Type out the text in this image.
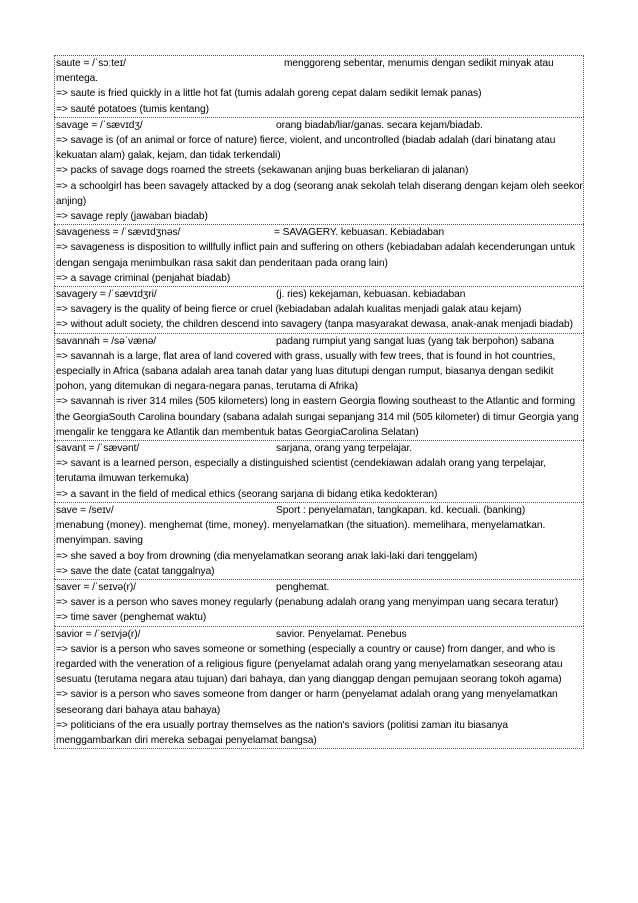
saute = /ˈsɔːteɪ/	menggoreng sebentar, menumis dengan sedikit minyak atau

mentega.

=> saute is fried quickly in a little hot fat (tumis adalah goreng cepat dalam sedikit lemak panas)

=> sauté potatoes (tumis kentang)

savage = /ˈsævɪdʒ/	orang biadab/liar/ganas. secara kejam/biadab.

=> savage is (of an animal or force of nature) fierce, violent, and uncontrolled (biadab adalah (dari binatang atau kekuatan alam) galak, kejam, dan tidak terkendali)

=> packs of savage dogs roamed the streets (sekawanan anjing buas berkeliaran di jalanan)

=> a schoolgirl has been savagely attacked by a dog (seorang anak sekolah telah diserang dengan kejam oleh seekor anjing)

=> savage reply (jawaban biadab)

savageness = /ˈsævɪdʒnəs/	= SAVAGERY. kebuasan. Kebiadaban

=> savageness is disposition to willfully inflict pain and suffering on others (kebiadaban adalah kecenderungan untuk dengan sengaja menimbulkan rasa sakit dan penderitaan pada orang lain)

=> a savage criminal (penjahat biadab)

savagery = /ˈsævɪdʒri/	(j. ries) kekejaman, kebuasan. kebiadaban

=> savagery is the quality of being fierce or cruel (kebiadaban adalah kualitas menjadi galak atau kejam)

=> without adult society, the children descend into savagery (tanpa masyarakat dewasa, anak-anak menjadi biadab)

savannah = /səˈvænə/	padang rumpiut yang sangat luas (yang tak berpohon) sabana

=> savannah is a large, flat area of land covered with grass, usually with few trees, that is found in hot countries, especially in Africa (sabana adalah area tanah datar yang luas ditutupi dengan rumput, biasanya dengan sedikit pohon, yang ditemukan di negara-negara panas, terutama di Afrika)

=> savannah is river 314 miles (505 kilometers) long in eastern Georgia flowing southeast to the Atlantic and forming the GeorgiaSouth Carolina boundary (sabana adalah sungai sepanjang 314 mil (505 kilometer) di timur Georgia yang mengalir ke tenggara ke Atlantik dan membentuk batas GeorgiaCarolina Selatan)

savant = /ˈsævənt/	sarjana, orang yang terpelajar.

=> savant is a learned person, especially a distinguished scientist (cendekiawan adalah orang yang terpelajar, terutama ilmuwan terkemuka)

=> a savant in the field of medical ethics (seorang sarjana di bidang etika kedokteran)

save = /seɪv/	Sport : penyelamatan, tangkapan. kd. kecuali. (banking)

menabung (money). menghemat (time, money). menyelamatkan (the situation). memelihara, menyelamatkan. menyimpan. saving

=> she saved a boy from drowning (dia menyelamatkan seorang anak laki-laki dari tenggelam)

=> save the date (catat tanggalnya)

saver = /ˈseɪvə(r)/	penghemat.

=> saver is a person who saves money regularly (penabung adalah orang yang menyimpan uang secara teratur)

=> time saver (penghemat waktu)

savior = /ˈseɪvjə(r)/	savior. Penyelamat. Penebus

=> savior is a person who saves someone or something (especially a country or cause) from danger, and who is regarded with the veneration of a religious figure (penyelamat adalah orang yang menyelamatkan seseorang atau sesuatu (terutama negara atau tujuan) dari bahaya, dan yang dianggap dengan pemujaan seorang tokoh agama)

=> savior is a person who saves someone from danger or harm (penyelamat adalah orang yang menyelamatkan seseorang dari bahaya atau bahaya)

=> politicians of the era usually portray themselves as the nation's saviors (politisi zaman itu biasanya menggambarkan diri mereka sebagai penyelamat bangsa)
